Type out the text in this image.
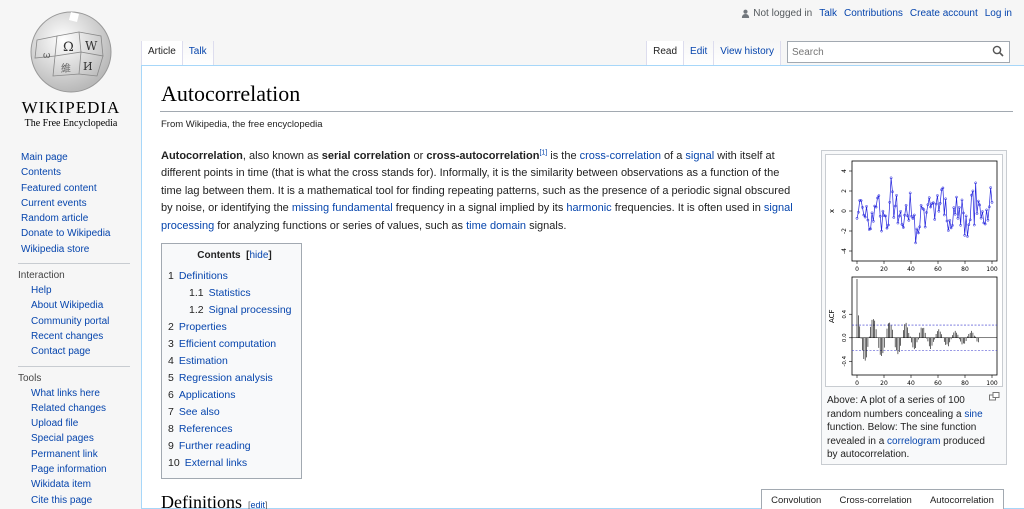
Not logged in Talk Contributions Create account Log in
Ω W
И
維
ω
WIKIPEDIA
The Free Encyclopedia
Main page
Contents
Featured content
Current events
Random article
Donate to Wikipedia
Wikipedia store
Interaction
Help
About Wikipedia
Community portal
Recent changes
Contact page
Tools
What links here
Related changes
Upload file
Special pages
Permanent link
Page information
Wikidata item
Cite this page
Article	Talk	Read	Edit	View history
Search
Autocorrelation
From Wikipedia, the free encyclopedia

Autocorrelation, also known as serial correlation or cross-autocorrelation[1] is the cross-correlation of a signal with itself at different points in time (that is what the cross stands for). Informally, it is the similarity between observations as a function of the time lag between them. It is a mathematical tool for finding repeating patterns, such as the presence of a periodic signal obscured by noise, or identifying the missing fundamental frequency in a signal implied by its harmonic frequencies. It is often used in signal processing for analyzing functions or series of values, such as time domain signals.

Contents  [hide]
1 Definitions
1.1 Statistics
1.2 Signal processing
2 Properties
3 Efficient computation
4 Estimation
5 Regression analysis
6 Applications
7 See also
8 References
9 Further reading
10 External links
0	20	40	60	80	100
-4
-2
0
2
4
x
0	20	40	60	80	100
-0.4
0.0
0.4
ACF
Above: A plot of a series of 100 random numbers concealing a sine function. Below: The sine function revealed in a correlogram produced by autocorrelation.
Definitions [edit]	Convolution Cross-correlation Autocorrelation
